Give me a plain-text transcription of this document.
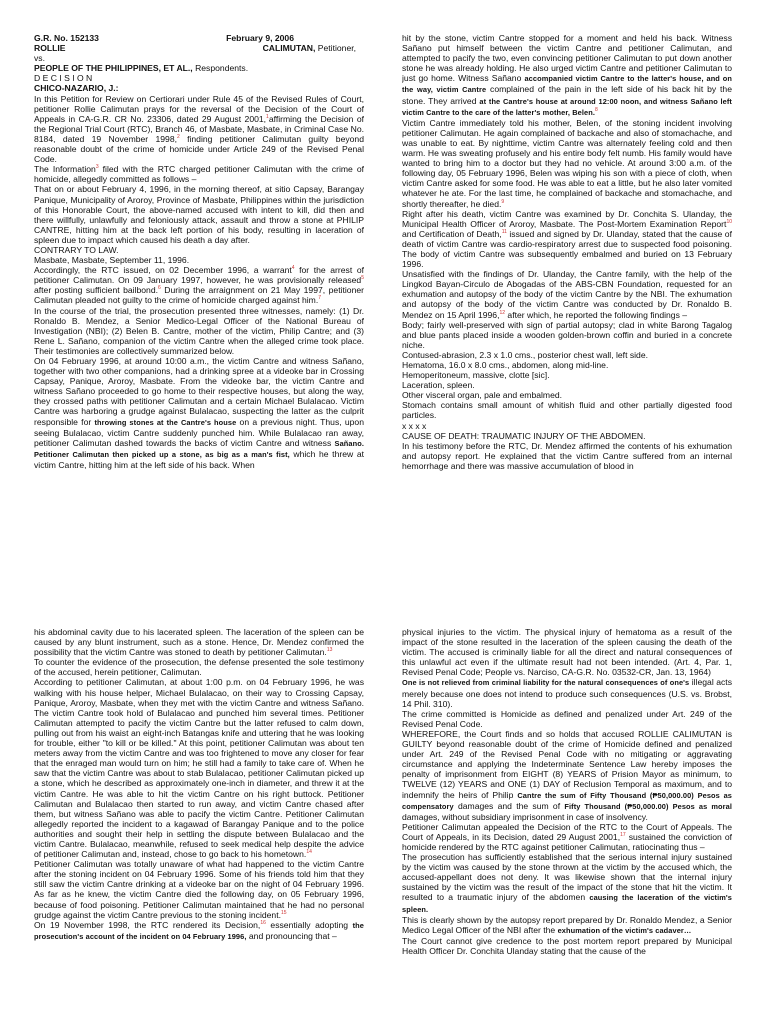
G.R. No. 152133	February 9, 2006
ROLLIE	CALIMUTAN, Petitioner,

vs.

PEOPLE OF THE PHILIPPINES, ET AL., Respondents.

D E C I S I O N

CHICO-NAZARIO, J.:

In this Petition for Review on Certiorari under Rule 45 of the Revised Rules of Court, petitioner Rollie Calimutan prays for the reversal of the Decision of the Court of Appeals in CA-G.R. CR No. 23306, dated 29 August 2001,$^1$affirming the Decision of the Regional Trial Court (RTC), Branch 46, of Masbate, Masbate, in Criminal Case No. 8184, dated 19 November 1998,$^2$ finding petitioner Calimutan guilty beyond reasonable doubt of the crime of homicide under Article 249 of the Revised Penal Code.

The Information$^3$ filed with the RTC charged petitioner Calimutan with the crime of homicide, allegedly committed as follows –

That on or about February 4, 1996, in the morning thereof, at sitio Capsay, Barangay Panique, Municipality of Aroroy, Province of Masbate, Philippines within the jurisdiction of this Honorable Court, the above-named accused with intent to kill, did then and there willfully, unlawfully and feloniously attack, assault and throw a stone at PHILIP CANTRE, hitting him at the back left portion of his body, resulting in laceration of spleen due to impact which caused his death a day after.

CONTRARY TO LAW.

Masbate, Masbate, September 11, 1996.

Accordingly, the RTC issued, on 02 December 1996, a warrant$^4$ for the arrest of petitioner Calimutan. On 09 January 1997, however, he was provisionally released$^5$ after posting sufficient bailbond.$^6$ During the arraignment on 21 May 1997, petitioner Calimutan pleaded not guilty to the crime of homicide charged against him.$^7$

In the course of the trial, the prosecution presented three witnesses, namely: (1) Dr. Ronaldo B. Mendez, a Senior Medico-Legal Officer of the National Bureau of Investigation (NBI); (2) Belen B. Cantre, mother of the victim, Philip Cantre; and (3) Rene L. Sañano, companion of the victim Cantre when the alleged crime took place. Their testimonies are collectively summarized below.

On 04 February 1996, at around 10:00 a.m., the victim Cantre and witness Sañano, together with two other companions, had a drinking spree at a videoke bar in Crossing Capsay, Panique, Aroroy, Masbate. From the videoke bar, the victim Cantre and witness Sañano proceeded to go home to their respective houses, but along the way, they crossed paths with petitioner Calimutan and a certain Michael Bulalacao. Victim Cantre was harboring a grudge against Bulalacao, suspecting the latter as the culprit responsible for throwing stones at the Cantre's house on a previous night. Thus, upon seeing Bulalacao, victim Cantre suddenly punched him. While Bulalacao ran away, petitioner Calimutan dashed towards the backs of victim Cantre and witness Sañano. Petitioner Calimutan then picked up a stone, as big as a man's fist, which he threw at victim Cantre, hitting him at the left side of his back. When

hit by the stone, victim Cantre stopped for a moment and held his back. Witness Sañano put himself between the victim Cantre and petitioner Calimutan, and attempted to pacify the two, even convincing petitioner Calimutan to put down another stone he was already holding. He also urged victim Cantre and petitioner Calimutan to just go home. Witness Sañano accompanied victim Cantre to the latter's house, and on the way, victim Cantre complained of the pain in the left side of his back hit by the stone. They arrived at the Cantre's house at around 12:00 noon, and witness Sañano left victim Cantre to the care of the latter's mother, Belen.$^8$

Victim Cantre immediately told his mother, Belen, of the stoning incident involving petitioner Calimutan. He again complained of backache and also of stomachache, and was unable to eat. By nighttime, victim Cantre was alternately feeling cold and then warm. He was sweating profusely and his entire body felt numb. His family would have wanted to bring him to a doctor but they had no vehicle. At around 3:00 a.m. of the following day, 05 February 1996, Belen was wiping his son with a piece of cloth, when victim Cantre asked for some food. He was able to eat a little, but he also later vomited whatever he ate. For the last time, he complained of backache and stomachache, and shortly thereafter, he died.$^9$

Right after his death, victim Cantre was examined by Dr. Conchita S. Ulanday, the Municipal Health Officer of Aroroy, Masbate. The Post-Mortem Examination Report$^{10}$ and Certification of Death,$^{11}$ issued and signed by Dr. Ulanday, stated that the cause of death of victim Cantre was cardio-respiratory arrest due to suspected food poisoning. The body of victim Cantre was subsequently embalmed and buried on 13 February 1996.

Unsatisfied with the findings of Dr. Ulanday, the Cantre family, with the help of the Lingkod Bayan-Circulo de Abogadas of the ABS-CBN Foundation, requested for an exhumation and autopsy of the body of the victim Cantre by the NBI. The exhumation and autopsy of the body of the victim Cantre was conducted by Dr. Ronaldo B. Mendez on 15 April 1996,12 after which, he reported the following findings –

Body; fairly well-preserved with sign of partial autopsy; clad in white Barong Tagalog and blue pants placed inside a wooden golden-brown coffin and buried in a concrete niche.

Contused-abrasion, 2.3 x 1.0 cms., posterior chest wall, left side.

Hematoma, 16.0 x 8.0 cms., abdomen, along mid-line.

Hemoperitoneum, massive, clotte [sic].

Laceration, spleen.

Other visceral organ, pale and embalmed.

Stomach contains small amount of whitish fluid and other partially digested food particles.

x x x x

CAUSE OF DEATH: TRAUMATIC INJURY OF THE ABDOMEN.

In his testimony before the RTC, Dr. Mendez affirmed the contents of his exhumation and autopsy report. He explained that the victim Cantre suffered from an internal hemorrhage and there was massive accumulation of blood in

his abdominal cavity due to his lacerated spleen. The laceration of the spleen can be caused by any blunt instrument, such as a stone. Hence, Dr. Mendez confirmed the possibility that the victim Cantre was stoned to death by petitioner Calimutan.$^{13}$

To counter the evidence of the prosecution, the defense presented the sole testimony of the accused, herein petitioner, Calimutan.

According to petitioner Calimutan, at about 1:00 p.m. on 04 February 1996, he was walking with his house helper, Michael Bulalacao, on their way to Crossing Capsay, Panique, Aroroy, Masbate, when they met with the victim Cantre and witness Sañano. The victim Cantre took hold of Bulalacao and punched him several times. Petitioner Calimutan attempted to pacify the victim Cantre but the latter refused to calm down, pulling out from his waist an eight-inch Batangas knife and uttering that he was looking for trouble, either "to kill or be killed." At this point, petitioner Calimutan was about ten meters away from the victim Cantre and was too frightened to move any closer for fear that the enraged man would turn on him; he still had a family to take care of. When he saw that the victim Cantre was about to stab Bulalacao, petitioner Calimutan picked up a stone, which he described as approximately one-inch in diameter, and threw it at the victim Cantre. He was able to hit the victim Cantre on his right buttock. Petitioner Calimutan and Bulalacao then started to run away, and victim Cantre chased after them, but witness Sañano was able to pacify the victim Cantre. Petitioner Calimutan allegedly reported the incident to a kagawad of Barangay Panique and to the police authorities and sought their help in settling the dispute between Bulalacao and the victim Cantre. Bulalacao, meanwhile, refused to seek medical help despite the advice of petitioner Calimutan and, instead, chose to go back to his hometown.$^{14}$

Petitioner Calimutan was totally unaware of what had happened to the victim Cantre after the stoning incident on 04 February 1996. Some of his friends told him that they still saw the victim Cantre drinking at a videoke bar on the night of 04 February 1996. As far as he knew, the victim Cantre died the following day, on 05 February 1996, because of food poisoning. Petitioner Calimutan maintained that he had no personal grudge against the victim Cantre previous to the stoning incident.$^{15}$

On 19 November 1998, the RTC rendered its Decision,$^{16}$ essentially adopting the prosecution's account of the incident on 04 February 1996, and pronouncing that –

physical injuries to the victim. The physical injury of hematoma as a result of the impact of the stone resulted in the laceration of the spleen causing the death of the victim. The accused is criminally liable for all the direct and natural consequences of this unlawful act even if the ultimate result had not been intended. (Art. 4, Par. 1, Revised Penal Code; People vs. Narciso, CA-G.R. No. 03532-CR, Jan. 13, 1964)

One is not relieved from criminal liability for the natural consequences of one's illegal acts merely because one does not intend to produce such consequences (U.S. vs. Brobst, 14 Phil. 310).

The crime committed is Homicide as defined and penalized under Art. 249 of the Revised Penal Code.

WHEREFORE, the Court finds and so holds that accused ROLLIE CALIMUTAN is GUILTY beyond reasonable doubt of the crime of Homicide defined and penalized under Art. 249 of the Revised Penal Code with no mitigating or aggravating circumstance and applying the Indeterminate Sentence Law hereby imposes the penalty of imprisonment from EIGHT (8) YEARS of Prision Mayor as minimum, to TWELVE (12) YEARS and ONE (1) DAY of Reclusion Temporal as maximum, and to indemnify the heirs of Philip Cantre the sum of Fifty Thousand (₱50,000.00) Pesos as compensatory damages and the sum of Fifty Thousand (₱50,000.00) Pesos as moral damages, without subsidiary imprisonment in case of insolvency.

Petitioner Calimutan appealed the Decision of the RTC to the Court of Appeals. The Court of Appeals, in its Decision, dated 29 August 2001,17 sustained the conviction of homicide rendered by the RTC against petitioner Calimutan, ratiocinating thus –

The prosecution has sufficiently established that the serious internal injury sustained by the victim was caused by the stone thrown at the victim by the accused which, the accused-appellant does not deny. It was likewise shown that the internal injury sustained by the victim was the result of the impact of the stone that hit the victim. It resulted to a traumatic injury of the abdomen causing the laceration of the victim's spleen.

This is clearly shown by the autopsy report prepared by Dr. Ronaldo Mendez, a Senior Medico Legal Officer of the NBI after the exhumation of the victim's cadaver…

The Court cannot give credence to the post mortem report prepared by Municipal Health Officer Dr. Conchita Ulanday stating that the cause of the
